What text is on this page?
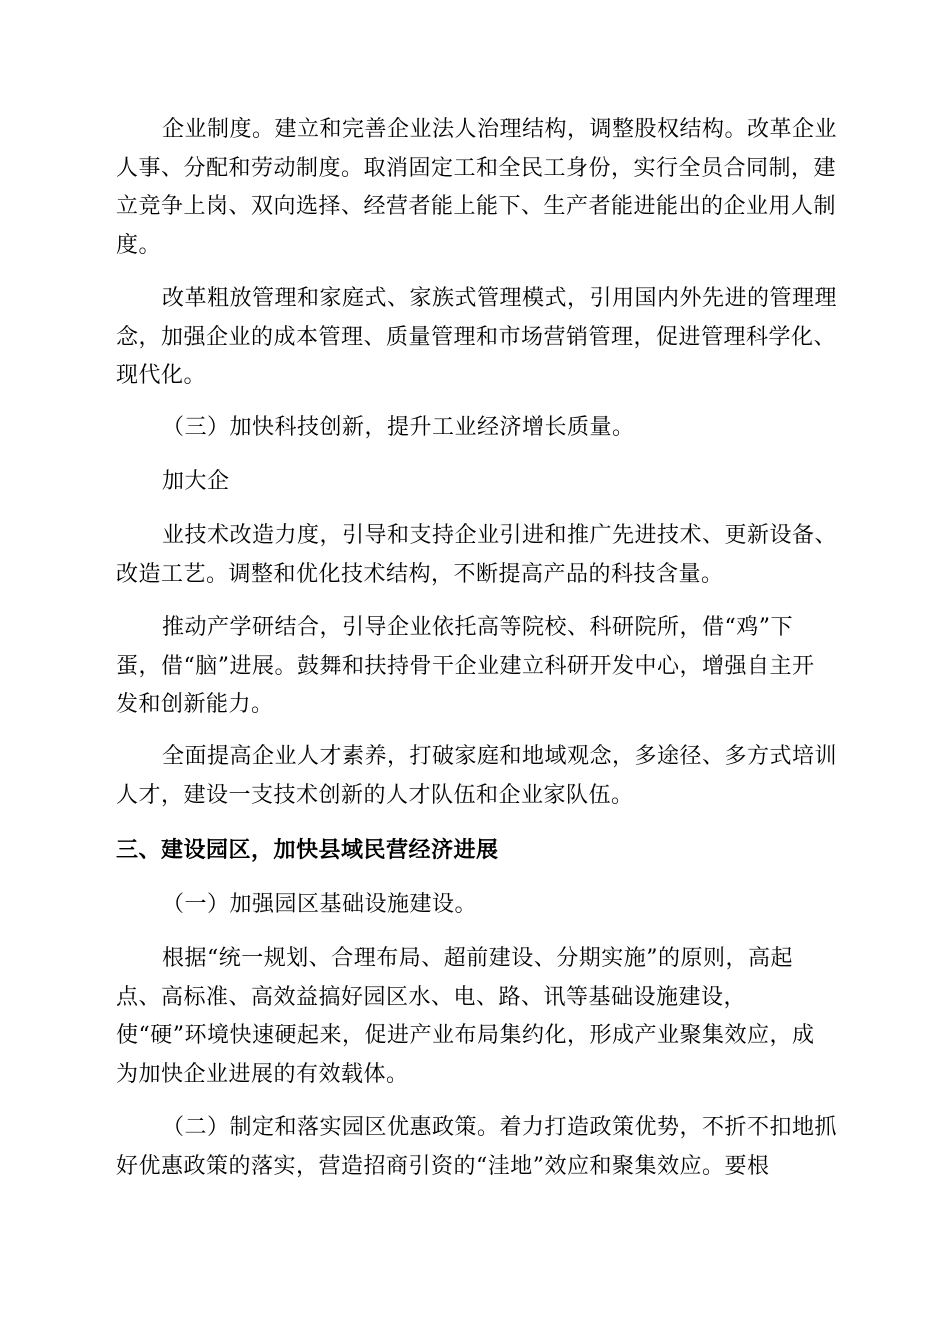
企业制度。建立和完善企业法人治理结构，调整股权结构。改革企业
人事、分配和劳动制度。取消固定工和全民工身份，实行全员合同制，建
立竞争上岗、双向选择、经营者能上能下、生产者能进能出的企业用人制
度。
改革粗放管理和家庭式、家族式管理模式，引用国内外先进的管理理
念，加强企业的成本管理、质量管理和市场营销管理，促进管理科学化、
现代化。
（三）加快科技创新，提升工业经济增长质量。
加大企
业技术改造力度，引导和支持企业引进和推广先进技术、更新设备、
改造工艺。调整和优化技术结构，不断提高产品的科技含量。
推动产学研结合，引导企业依托高等院校、科研院所，借“鸡”下
蛋，借“脑”进展。鼓舞和扶持骨干企业建立科研开发中心，增强自主开
发和创新能力。
全面提高企业人才素养，打破家庭和地域观念，多途径、多方式培训
人才，建设一支技术创新的人才队伍和企业家队伍。
三、建设园区，加快县域民营经济进展
（一）加强园区基础设施建设。
根据“统一规划、合理布局、超前建设、分期实施”的原则，高起
点、高标准、高效益搞好园区水、电、路、讯等基础设施建设，
使“硬”环境快速硬起来，促进产业布局集约化，形成产业聚集效应，成
为加快企业进展的有效载体。
（二）制定和落实园区优惠政策。着力打造政策优势，不折不扣地抓
好优惠政策的落实，营造招商引资的“洼地”效应和聚集效应。要根
